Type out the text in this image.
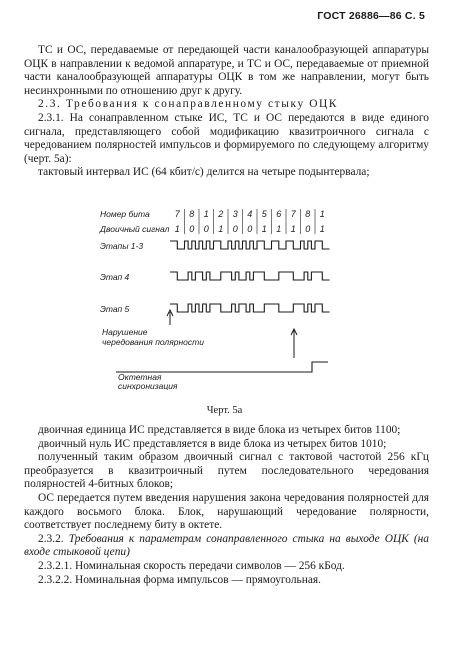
ГОСТ 26886—86 С. 5

ТС и ОС, передаваемые от передающей части каналообразующей аппаратуры ОЦК в направлении к ведомой аппаратуре, и ТС и ОС, передаваемые от приемной части каналообразующей аппаратуры ОЦК в том же направлении, могут быть несинхронными по отношению друг к другу.

2.3. Требования к сонаправленному стыку ОЦК

2.3.1. На сонаправленном стыке ИС, ТС и ОС передаются в виде единого сигнала, представляющего собой модификацию квазитроичного сигнала с чередованием полярностей импульсов и формируемого по следующему алгоритму (черт. 5а):

тактовый интервал ИС (64 кбит/с) делится на четыре подынтервала;

Номер бита
Двоичный сигнал
Этапы 1-3
Этап 4
Этап 5
7
1
8
0
1
0
2
1
3
0
4
0
5
1
6
1
7
1
8
0
1
1
Нарушение
чередования полярности
Октетная
синхронизация
Черт. 5а

двоичная единица ИС представляется в виде блока из четырех битов 1100;

двоичный нуль ИС представляется в виде блока из четырех битов 1010;

полученный таким образом двоичный сигнал с тактовой частотой 256 кГц преобразуется в квазитроичный путем последовательного чередования полярностей 4-битных блоков;

ОС передается путем введения нарушения закона чередования полярностей для каждого восьмого блока. Блок, нарушающий чередование полярности, соответствует последнему биту в октете.

2.3.2. Требования к параметрам сонаправленного стыка на выходе ОЦК (на входе стыковой цепи)

2.3.2.1. Номинальная скорость передачи символов — 256 кБод.

2.3.2.2. Номинальная форма импульсов — прямоугольная.
